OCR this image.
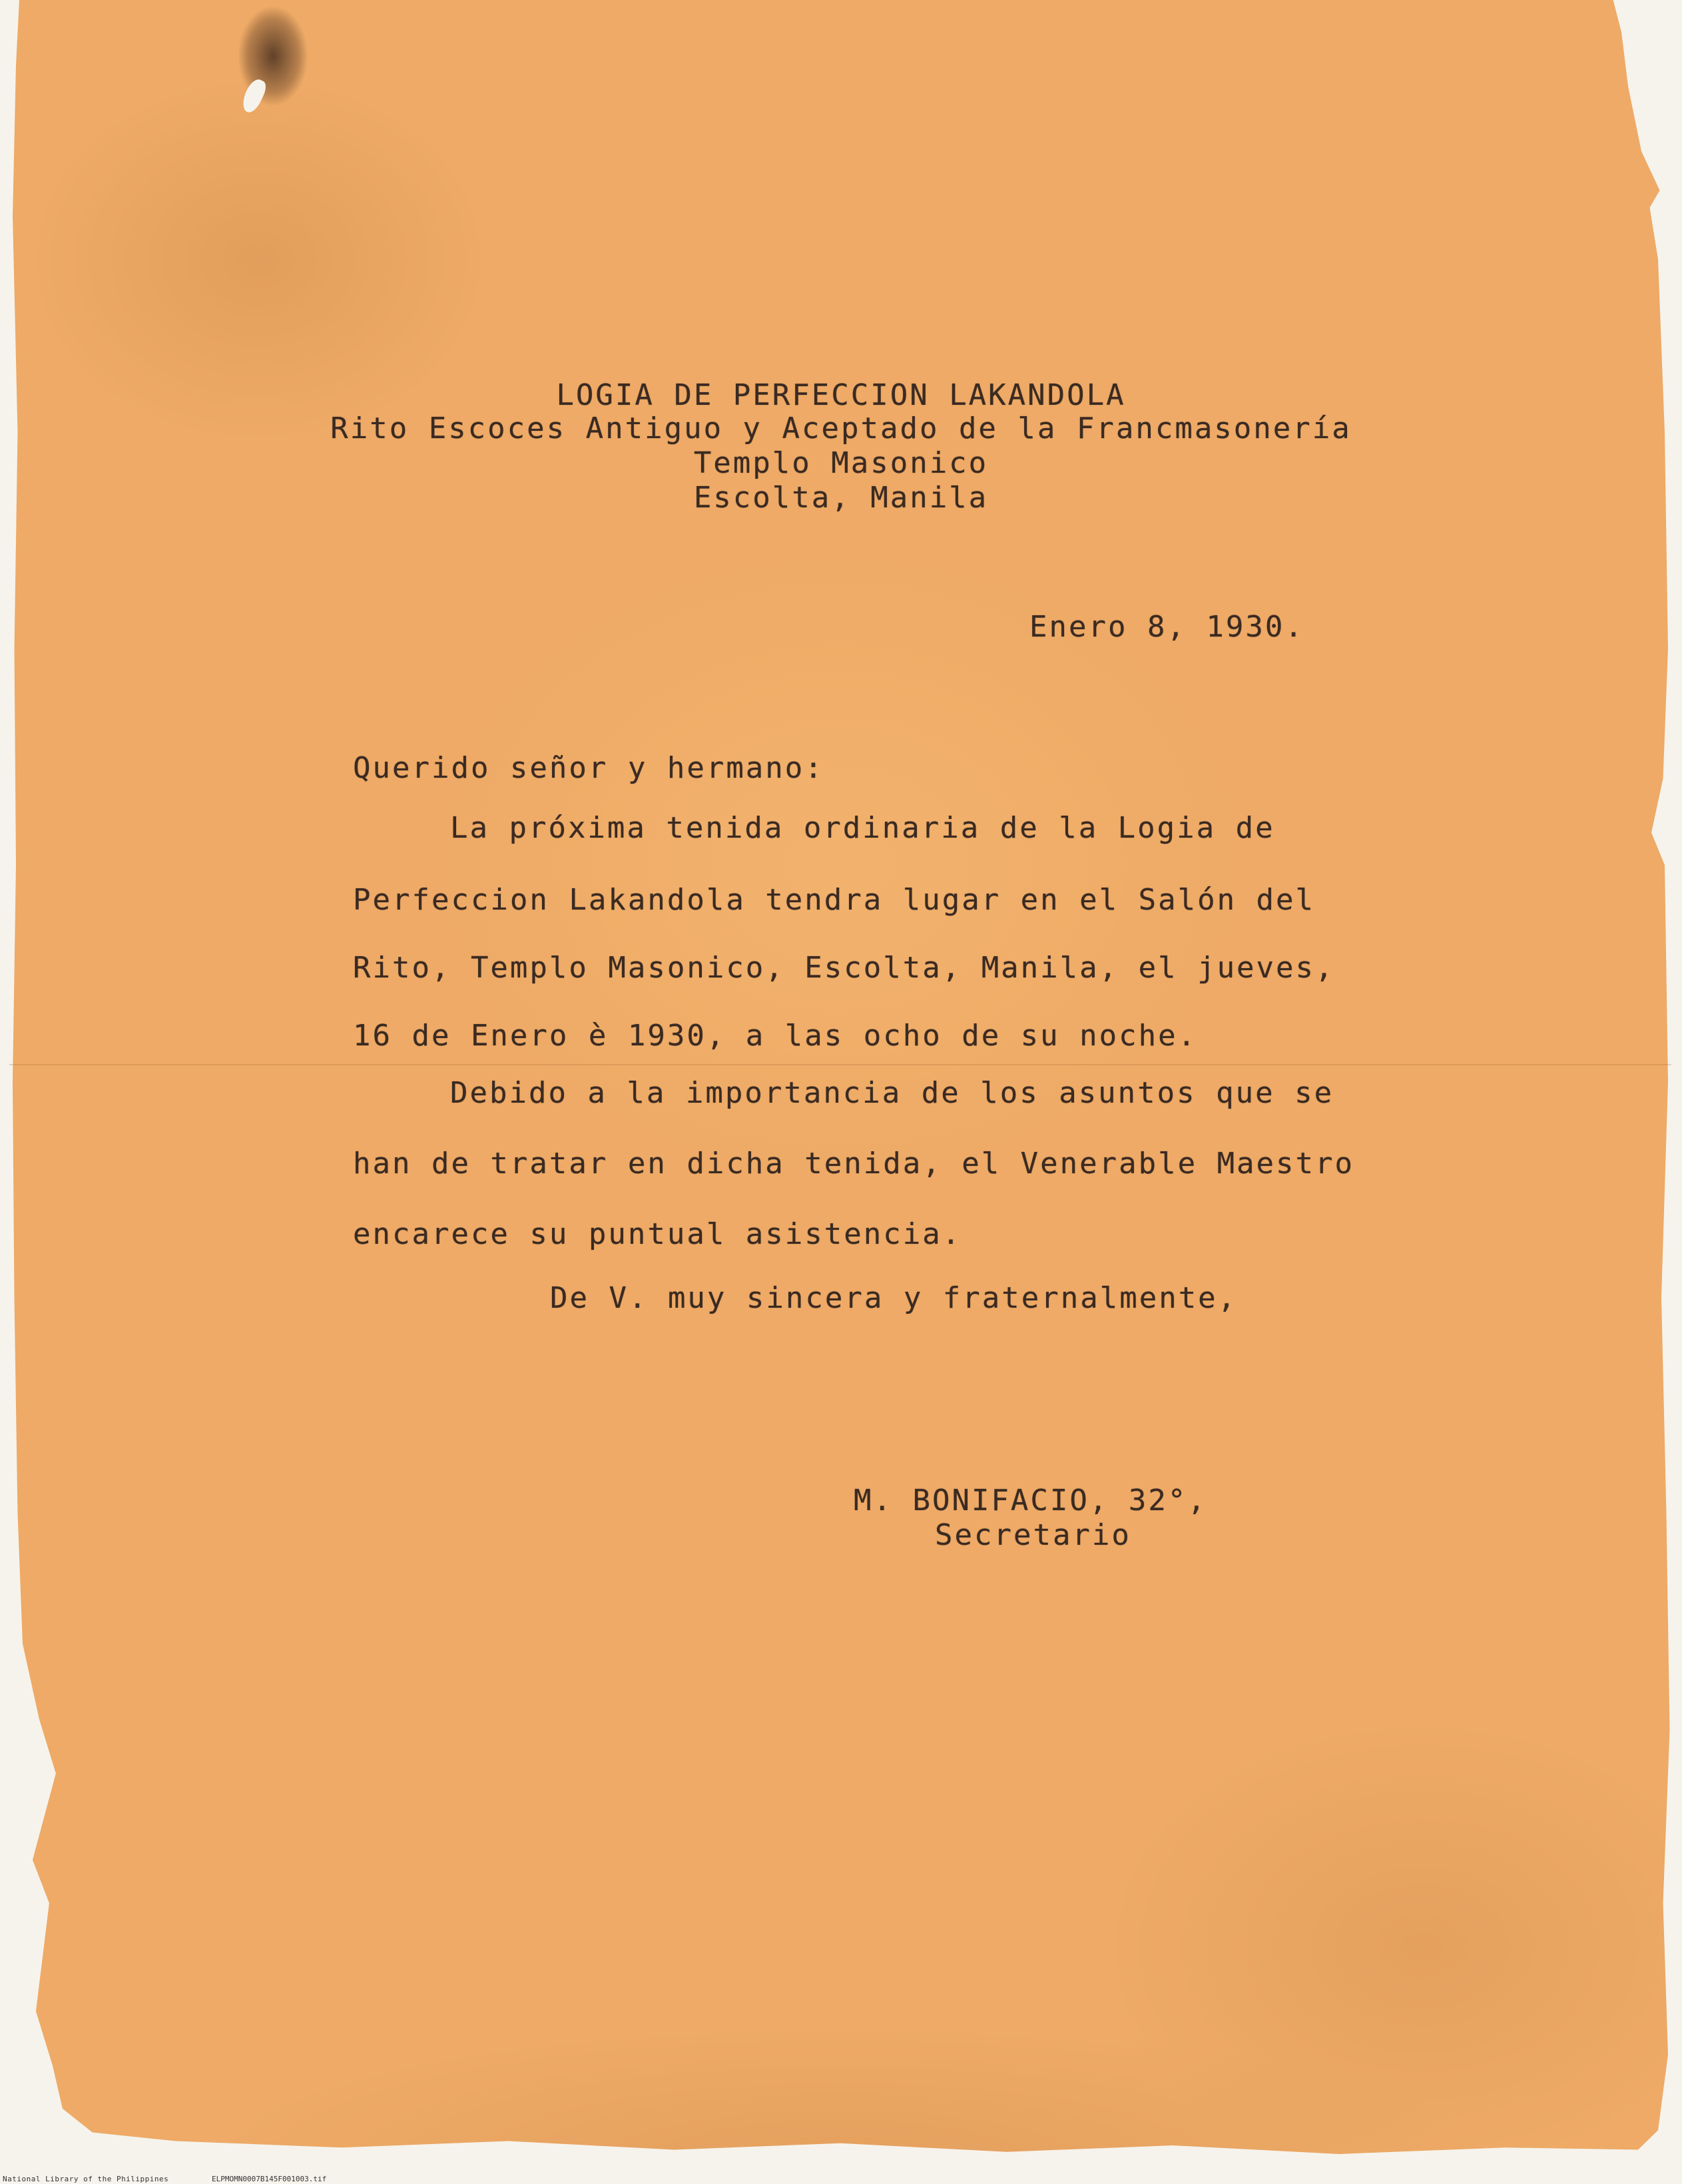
LOGIA DE PERFECCION LAKANDOLA
Rito Escoces Antiguo y Aceptado de la Francmasonería
Templo Masonico
Escolta, Manila
Enero 8, 1930.
Querido señor y hermano:
La próxima tenida ordinaria de la Logia de
Perfeccion Lakandola tendra lugar en el Salón del
Rito, Templo Masonico, Escolta, Manila, el jueves,
16 de Enero è 1930, a las ocho de su noche.
Debido a la importancia de los asuntos que se
han de tratar en dicha tenida, el Venerable Maestro
encarece su puntual asistencia.
De V. muy sincera y fraternalmente,
M. BONIFACIO, 32°,
Secretario
National Library of the Philippines	ELPMOMN0007B145F001003.tif
